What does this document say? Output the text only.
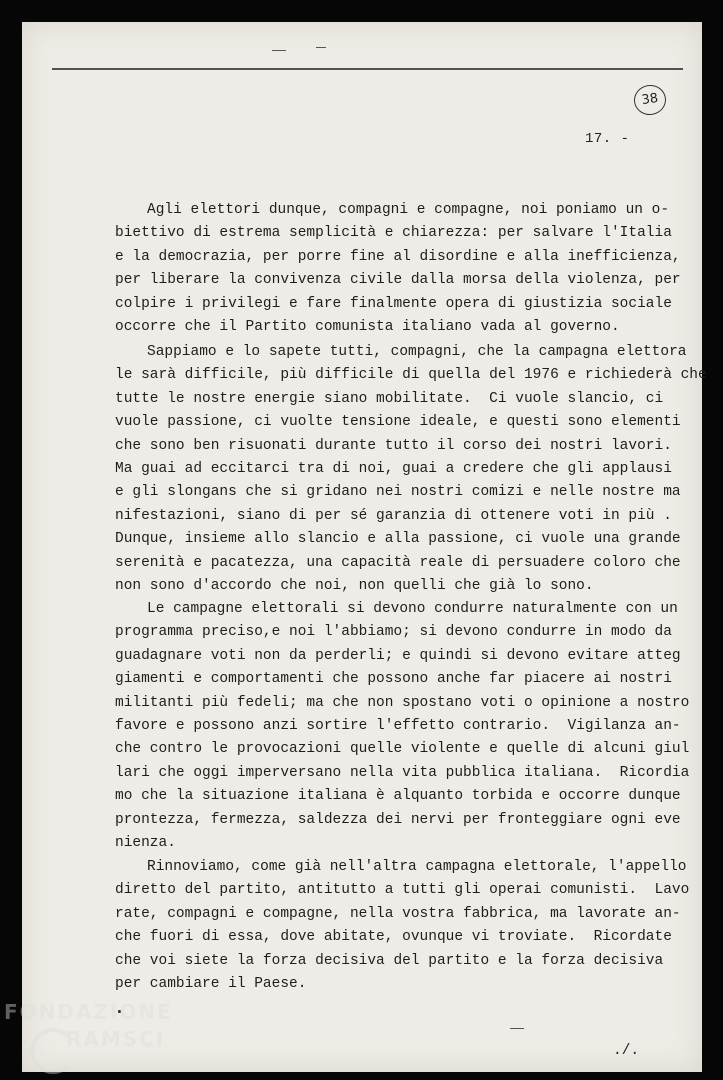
38
17. -
Agli elettori dunque, compagni e compagne, noi poniamo un o-
biettivo di estrema semplicità e chiarezza: per salvare l'Italia
e la democrazia, per porre fine al disordine e alla inefficienza,
per liberare la convivenza civile dalla morsa della violenza, per
colpire i privilegi e fare finalmente opera di giustizia sociale
occorre che il Partito comunista italiano vada al governo.
Sappiamo e lo sapete tutti, compagni, che la campagna elettora
le sarà difficile, più difficile di quella del 1976 e richiederà che
tutte le nostre energie siano mobilitate.  Ci vuole slancio, ci
vuole passione, ci vuolte tensione ideale, e questi sono elementi
che sono ben risuonati durante tutto il corso dei nostri lavori.
Ma guai ad eccitarci tra di noi, guai a credere che gli applausi
e gli slongans che si gridano nei nostri comizi e nelle nostre ma
nifestazioni, siano di per sé garanzia di ottenere voti in più .
Dunque, insieme allo slancio e alla passione, ci vuole una grande
serenità e pacatezza, una capacità reale di persuadere coloro che
non sono d'accordo che noi, non quelli che già lo sono.
Le campagne elettorali si devono condurre naturalmente con un
programma preciso,e noi l'abbiamo; si devono condurre in modo da
guadagnare voti non da perderli; e quindi si devono evitare atteg
giamenti e comportamenti che possono anche far piacere ai nostri
militanti più fedeli; ma che non spostano voti o opinione a nostro
favore e possono anzi sortire l'effetto contrario.  Vigilanza an-
che contro le provocazioni quelle violente e quelle di alcuni giul
lari che oggi imperversano nella vita pubblica italiana.  Ricordia
mo che la situazione italiana è alquanto torbida e occorre dunque
prontezza, fermezza, saldezza dei nervi per fronteggiare ogni eve
nienza.
Rinnoviamo, come già nell'altra campagna elettorale, l'appello
diretto del partito, antitutto a tutti gli operai comunisti.  Lavo
rate, compagni e compagne, nella vostra fabbrica, ma lavorate an-
che fuori di essa, dove abitate, ovunque vi troviate.  Ricordate
che voi siete la forza decisiva del partito e la forza decisiva
per cambiare il Paese.
./.
FONDAZIONE
RAMSCI
